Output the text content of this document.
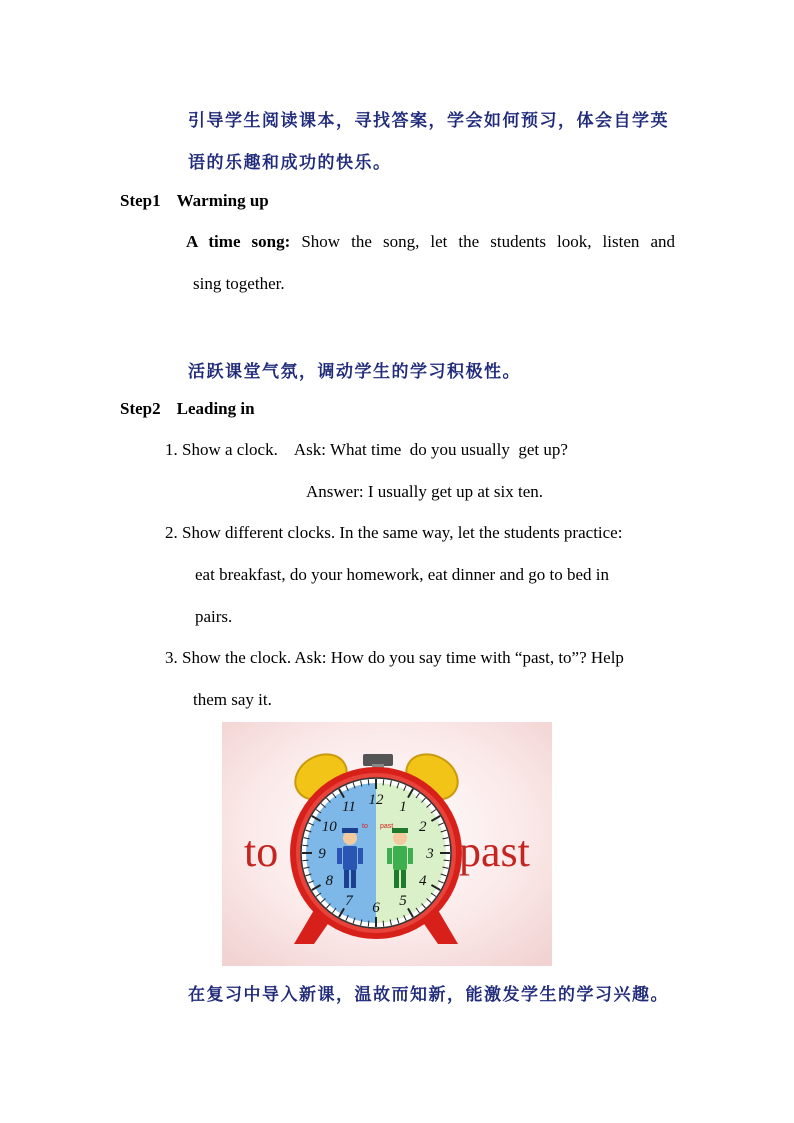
引导学生阅读课本，寻找答案，学会如何预习，体会自学英
语的乐趣和成功的快乐。
Step1 Warming up
A time song: Show the song, let the students look, listen and
sing together.
活跃课堂气氛，调动学生的学习积极性。
Step2 Leading in
1. Show a clock.    Ask: What time  do you usually  get up?
Answer: I usually get up at six ten.
2. Show different clocks. In the same way, let the students practice:
eat breakfast, do your homework, eat dinner and go to bed in
pairs.
3. Show the clock. Ask: How do you say time with “past, to”? Help
them say it.
12 1
2
3
4
5
6
7
8
9
10
11
to past
to	past
在复习中导入新课，温故而知新，能激发学生的学习兴趣。
